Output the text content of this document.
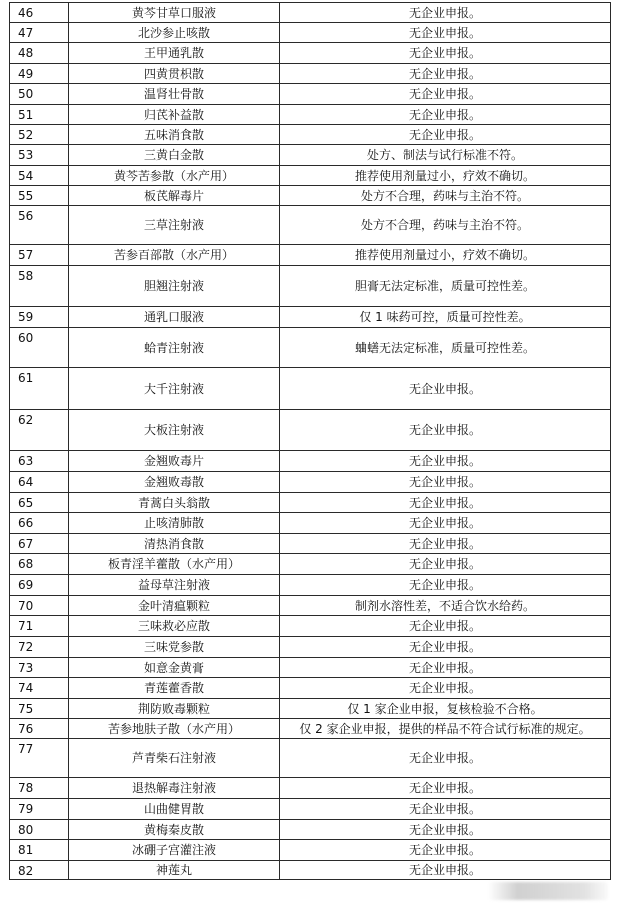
46	黄芩甘草口服液	无企业申报。
47	北沙参止咳散	无企业申报。
48	王甲通乳散	无企业申报。
49	四黄贯枳散	无企业申报。
50	温肾壮骨散	无企业申报。
51	归芪补益散	无企业申报。
52	五味消食散	无企业申报。
53	三黄白金散	处方、制法与试行标准不符。
54	黄芩苦参散（水产用）	推荐使用剂量过小，疗效不确切。
55	板芪解毒片	处方不合理，药味与主治不符。
56	三草注射液	处方不合理，药味与主治不符。
57	苦参百部散（水产用）	推荐使用剂量过小，疗效不确切。
58	胆翘注射液	胆膏无法定标准，质量可控性差。
59	通乳口服液	仅 1 味药可控，质量可控性差。
60	蛤青注射液	蛐蟮无法定标准，质量可控性差。
61	大千注射液	无企业申报。
62	大板注射液	无企业申报。
63	金翘败毒片	无企业申报。
64	金翘败毒散	无企业申报。
65	青蒿白头翁散	无企业申报。
66	止咳清肺散	无企业申报。
67	清热消食散	无企业申报。
68	板青淫羊藿散（水产用）	无企业申报。
69	益母草注射液	无企业申报。
70	金叶清瘟颗粒	制剂水溶性差，不适合饮水给药。
71	三味救必应散	无企业申报。
72	三味党参散	无企业申报。
73	如意金黄膏	无企业申报。
74	青莲藿香散	无企业申报。
75	荆防败毒颗粒	仅 1 家企业申报，复核检验不合格。
76	苦参地肤子散（水产用）	仅 2 家企业申报，提供的样品不符合试行标准的规定。
77	芦青柴石注射液	无企业申报。
78	退热解毒注射液	无企业申报。
79	山曲健胃散	无企业申报。
80	黄梅秦皮散	无企业申报。
81	冰硼子宫灌注液	无企业申报。
82	神莲丸	无企业申报。
